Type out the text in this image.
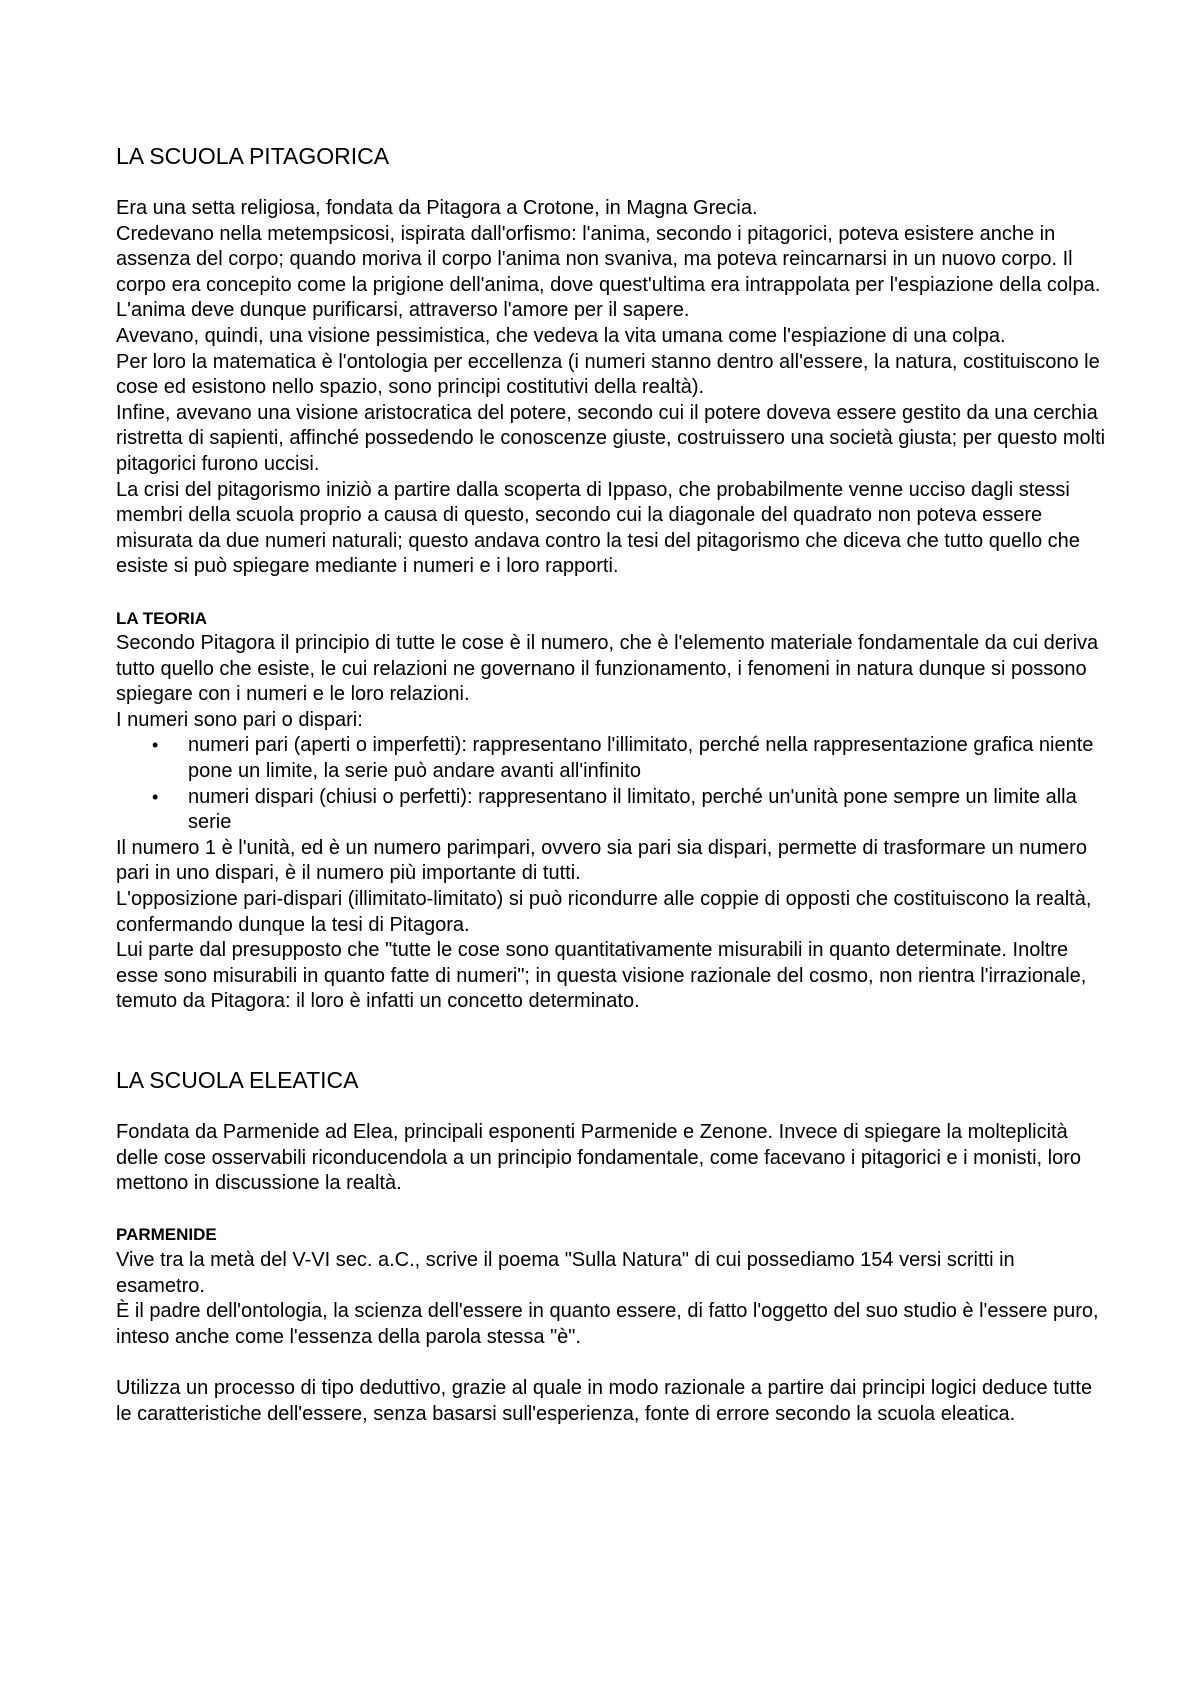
LA SCUOLA PITAGORICA

Era una setta religiosa, fondata da Pitagora a Crotone, in Magna Grecia.

Credevano nella metempsicosi, ispirata dall'orfismo: l'anima, secondo i pitagorici, poteva esistere anche in assenza del corpo; quando moriva il corpo l'anima non svaniva, ma poteva reincarnarsi in un nuovo corpo. Il corpo era concepito come la prigione dell'anima, dove quest'ultima era intrappolata per l'espiazione della colpa. L'anima deve dunque purificarsi, attraverso l'amore per il sapere.

Avevano, quindi, una visione pessimistica, che vedeva la vita umana come l'espiazione di una colpa.

Per loro la matematica è l'ontologia per eccellenza (i numeri stanno dentro all'essere, la natura, costituiscono le cose ed esistono nello spazio, sono principi costitutivi della realtà).

Infine, avevano una visione aristocratica del potere, secondo cui il potere doveva essere gestito da una cerchia ristretta di sapienti, affinché possedendo le conoscenze giuste, costruissero una società giusta; per questo molti pitagorici furono uccisi.

La crisi del pitagorismo iniziò a partire dalla scoperta di Ippaso, che probabilmente venne ucciso dagli stessi membri della scuola proprio a causa di questo, secondo cui la diagonale del quadrato non poteva essere misurata da due numeri naturali; questo andava contro la tesi del pitagorismo che diceva che tutto quello che esiste si può spiegare mediante i numeri e i loro rapporti.

LA TEORIA

Secondo Pitagora il principio di tutte le cose è il numero, che è l'elemento materiale fondamentale da cui deriva tutto quello che esiste, le cui relazioni ne governano il funzionamento, i fenomeni in natura dunque si possono spiegare con i numeri e le loro relazioni.

I numeri sono pari o dispari:

• numeri pari (aperti o imperfetti): rappresentano l'illimitato, perché nella rappresentazione grafica niente pone un limite, la serie può andare avanti all'infinito
• numeri dispari (chiusi o perfetti): rappresentano il limitato, perché un'unità pone sempre un limite alla serie

Il numero 1 è l'unità, ed è un numero parimpari, ovvero sia pari sia dispari, permette di trasformare un numero pari in uno dispari, è il numero più importante di tutti.

L'opposizione pari-dispari (illimitato-limitato) si può ricondurre alle coppie di opposti che costituiscono la realtà, confermando dunque la tesi di Pitagora.

Lui parte dal presupposto che "tutte le cose sono quantitativamente misurabili in quanto determinate. Inoltre esse sono misurabili in quanto fatte di numeri"; in questa visione razionale del cosmo, non rientra l'irrazionale, temuto da Pitagora: il loro è infatti un concetto determinato.

LA SCUOLA ELEATICA

Fondata da Parmenide ad Elea, principali esponenti Parmenide e Zenone. Invece di spiegare la molteplicità delle cose osservabili riconducendola a un principio fondamentale, come facevano i pitagorici e i monisti, loro mettono in discussione la realtà.

PARMENIDE

Vive tra la metà del V-VI sec. a.C., scrive il poema "Sulla Natura" di cui possediamo 154 versi scritti in esametro.

È il padre dell'ontologia, la scienza dell'essere in quanto essere, di fatto l'oggetto del suo studio è l'essere puro, inteso anche come l'essenza della parola stessa "è".

Utilizza un processo di tipo deduttivo, grazie al quale in modo razionale a partire dai principi logici deduce tutte le caratteristiche dell'essere, senza basarsi sull'esperienza, fonte di errore secondo la scuola eleatica.
